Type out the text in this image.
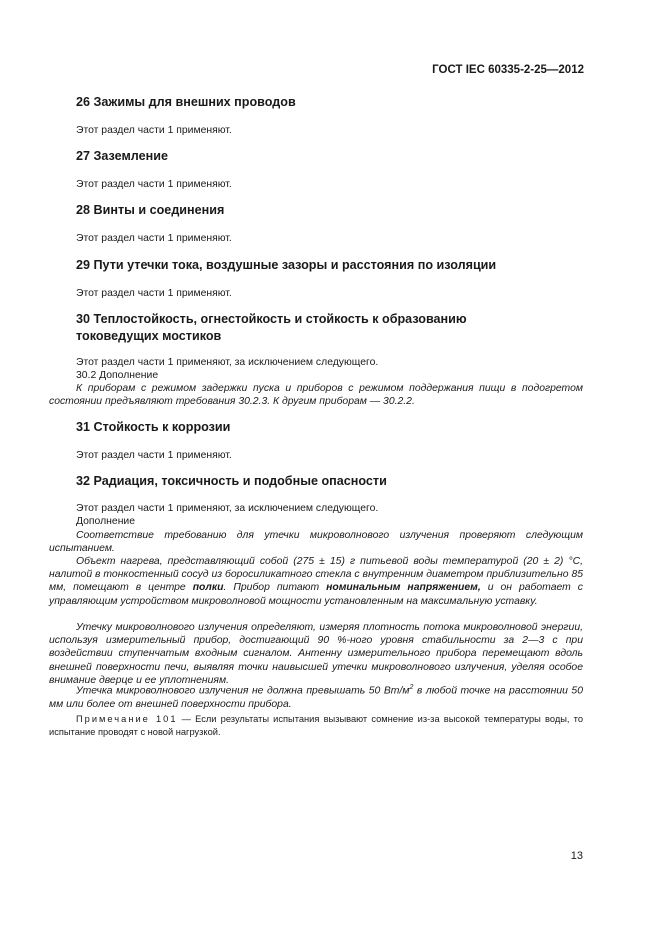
ГОСТ IEC 60335-2-25—2012
26 Зажимы для внешних проводов

Этот раздел части 1 применяют.

27 Заземление

Этот раздел части 1 применяют.

28 Винты и соединения

Этот раздел части 1 применяют.

29 Пути утечки тока, воздушные зазоры и расстояния по изоляции

Этот раздел части 1 применяют.

30 Теплостойкость, огнестойкость и стойкость к образованию
токоведущих мостиков

Этот раздел части 1 применяют, за исключением следующего.

30.2 Дополнение

К приборам с режимом задержки пуска и приборов с режимом поддержания пищи в подогретом состоянии предъявляют требования 30.2.3. К другим приборам — 30.2.2.

31 Стойкость к коррозии

Этот раздел части 1 применяют.

32 Радиация, токсичность и подобные опасности

Этот раздел части 1 применяют, за исключением следующего.

Дополнение

Соответствие требованию для утечки микроволнового излучения проверяют следующим испытанием.

Объект нагрева, представляющий собой (275 ± 15) г питьевой воды температурой (20 ± 2) °С, налитой в тонкостенный сосуд из боросиликатного стекла с внутренним диаметром приблизительно 85 мм, помещают в центре полки. Прибор питают номинальным напряжением, и он работает с управляющим устройством микроволновой мощности установленным на максимальную уставку.

Утечку микроволнового излучения определяют, измеряя плотность потока микроволновой энергии, используя измерительный прибор, достигающий 90 %-ного уровня стабильности за 2—3 с при воздействии ступенчатым входным сигналом. Антенну измерительного прибора перемещают вдоль внешней поверхности печи, выявляя точки наивысшей утечки микроволнового излучения, уделяя особое внимание дверце и ее уплотнениям.

Утечка микроволнового излучения не должна превышать 50 $Вт/м^2$ в любой точке на расстоянии 50 мм или более от внешней поверхности прибора.

Примечание 101 — Если результаты испытания вызывают сомнение из-за высокой температуры воды, то испытание проводят с новой нагрузкой.

13
